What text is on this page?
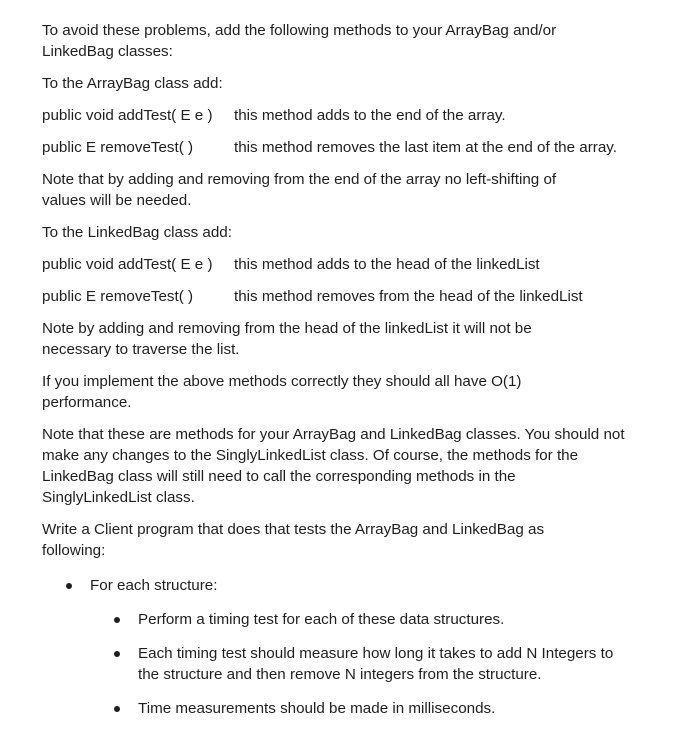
To avoid these problems, add the following methods to your ArrayBag and/or LinkedBag classes:

To the ArrayBag class add:

public void addTest( E e )	this method adds to the end of the array.
public E removeTest( )	this method removes the last item at the end of the array.

Note that by adding and removing from the end of the array no left-shifting of values will be needed.

To the LinkedBag class add:

public void addTest( E e )	this method adds to the head of the linkedList
public E removeTest( )	this method removes from the head of the linkedList

Note by adding and removing from the head of the linkedList it will not be necessary to traverse the list.

If you implement the above methods correctly they should all have O(1) performance.

Note that these are methods for your ArrayBag and LinkedBag classes. You should not make any changes to the SinglyLinkedList class. Of course, the methods for the LinkedBag class will still need to call the corresponding methods in the SinglyLinkedList class.

Write a Client program that does that tests the ArrayBag and LinkedBag as following:

For each structure:
Perform a timing test for each of these data structures.
Each timing test should measure how long it takes to add N Integers to the structure and then remove N integers from the structure.
Time measurements should be made in milliseconds.
